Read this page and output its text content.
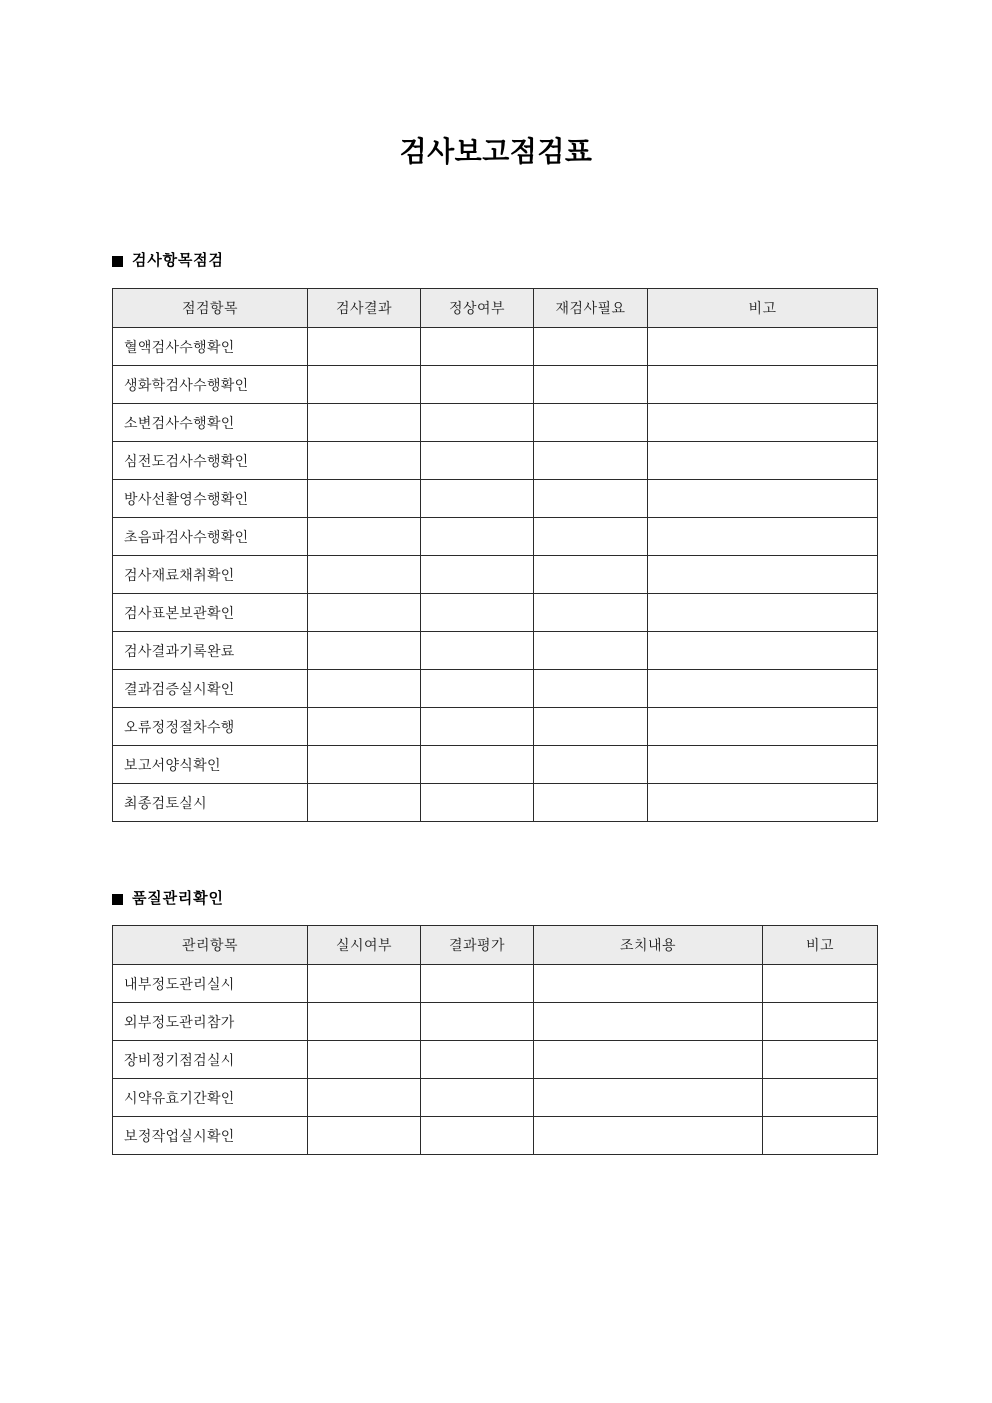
검사보고점검표
검사항목점검
점검항목	검사결과	정상여부	재검사필요	비고
혈액검사수행확인				
생화학검사수행확인				
소변검사수행확인				
심전도검사수행확인				
방사선촬영수행확인				
초음파검사수행확인				
검사재료채취확인				
검사표본보관확인				
검사결과기록완료				
결과검증실시확인				
오류정정절차수행				
보고서양식확인				
최종검토실시				
품질관리확인
관리항목	실시여부	결과평가	조치내용	비고
내부정도관리실시				
외부정도관리참가				
장비정기점검실시				
시약유효기간확인				
보정작업실시확인				
